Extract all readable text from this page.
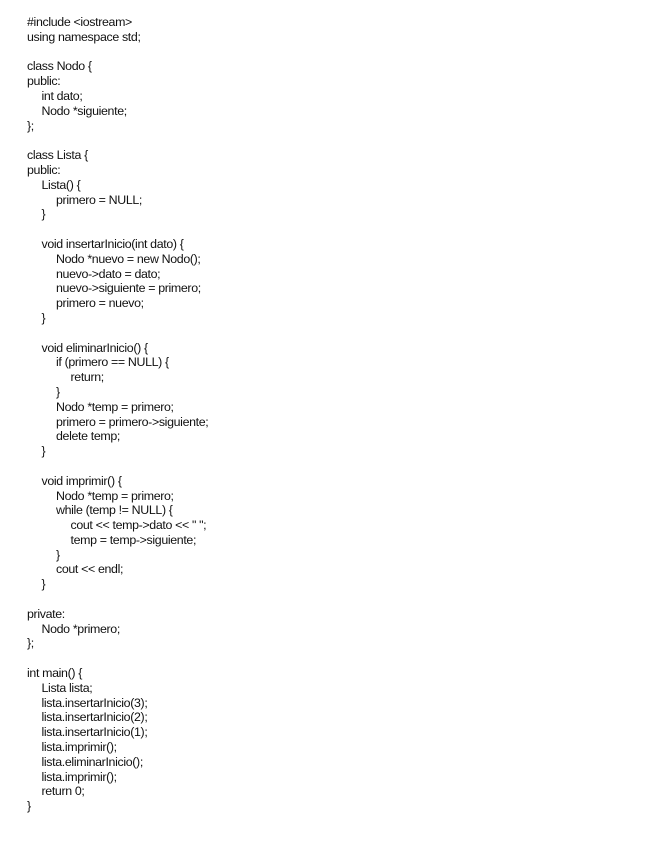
#include <iostream>
using namespace std;
class Nodo {
public:
int dato;
Nodo *siguiente;
};
class Lista {
public:
Lista() {
primero = NULL;
}
void insertarInicio(int dato) {
Nodo *nuevo = new Nodo();
nuevo->dato = dato;
nuevo->siguiente = primero;
primero = nuevo;
}
void eliminarInicio() {
if (primero == NULL) {
return;
}
Nodo *temp = primero;
primero = primero->siguiente;
delete temp;
}
void imprimir() {
Nodo *temp = primero;
while (temp != NULL) {
cout << temp->dato << " ";
temp = temp->siguiente;
}
cout << endl;
}
private:
Nodo *primero;
};
int main() {
Lista lista;
lista.insertarInicio(3);
lista.insertarInicio(2);
lista.insertarInicio(1);
lista.imprimir();
lista.eliminarInicio();
lista.imprimir();
return 0;
}
